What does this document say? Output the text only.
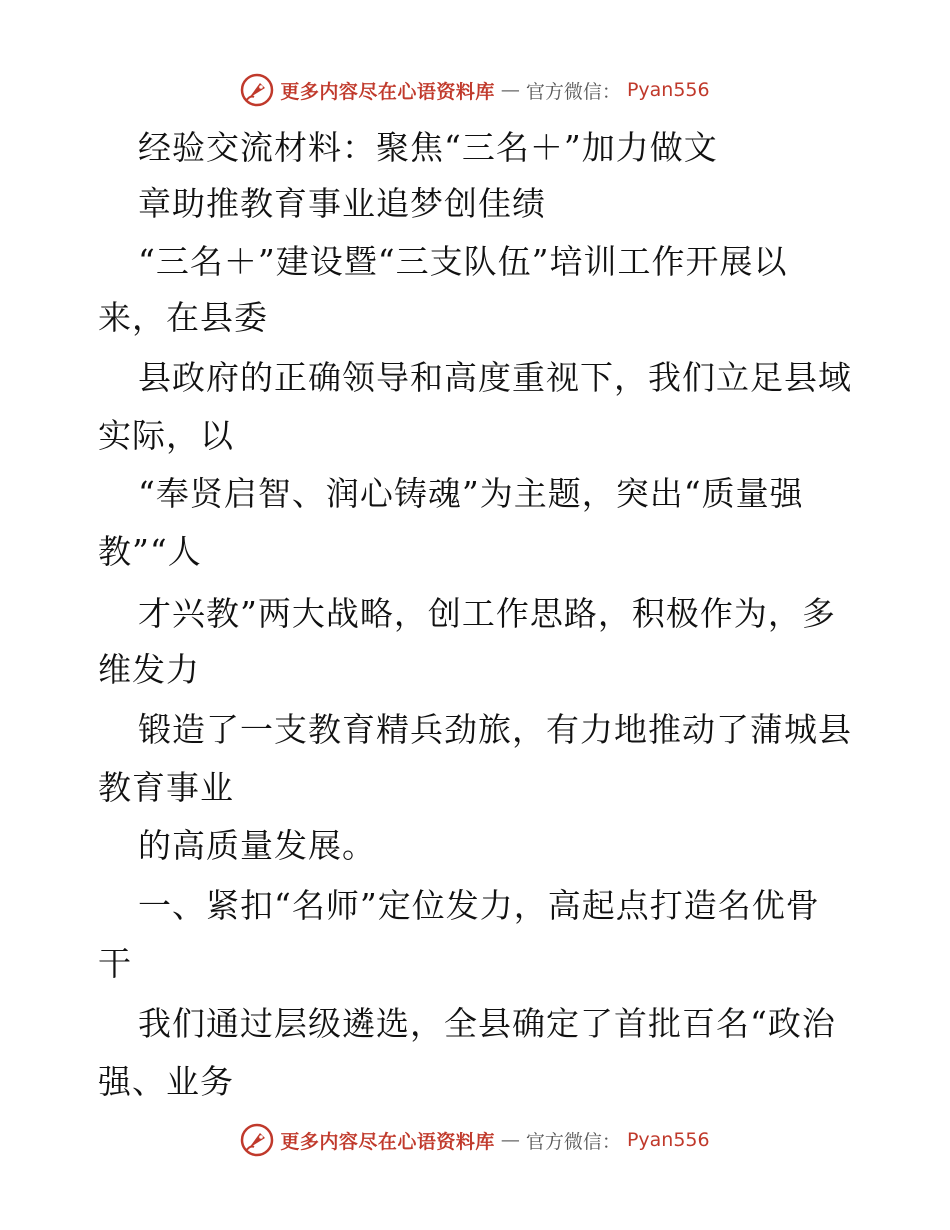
更多内容尽在心语资料库 — 官方微信： Pyan556
经验交流材料：聚焦“三名＋”加力做文
章助推教育事业追梦创佳绩
“三名＋”建设暨“三支队伍”培训工作开展以
来，在县委
县政府的正确领导和高度重视下，我们立足县域
实际，以
“奉贤启智、润心铸魂”为主题，突出“质量强
教”“人
才兴教”两大战略，创工作思路，积极作为，多
维发力
锻造了一支教育精兵劲旅，有力地推动了蒲城县
教育事业
的高质量发展。
一、紧扣“名师”定位发力，高起点打造名优骨
干
我们通过层级遴选，全县确定了首批百名“政治
强、业务
更多内容尽在心语资料库 — 官方微信： Pyan556
